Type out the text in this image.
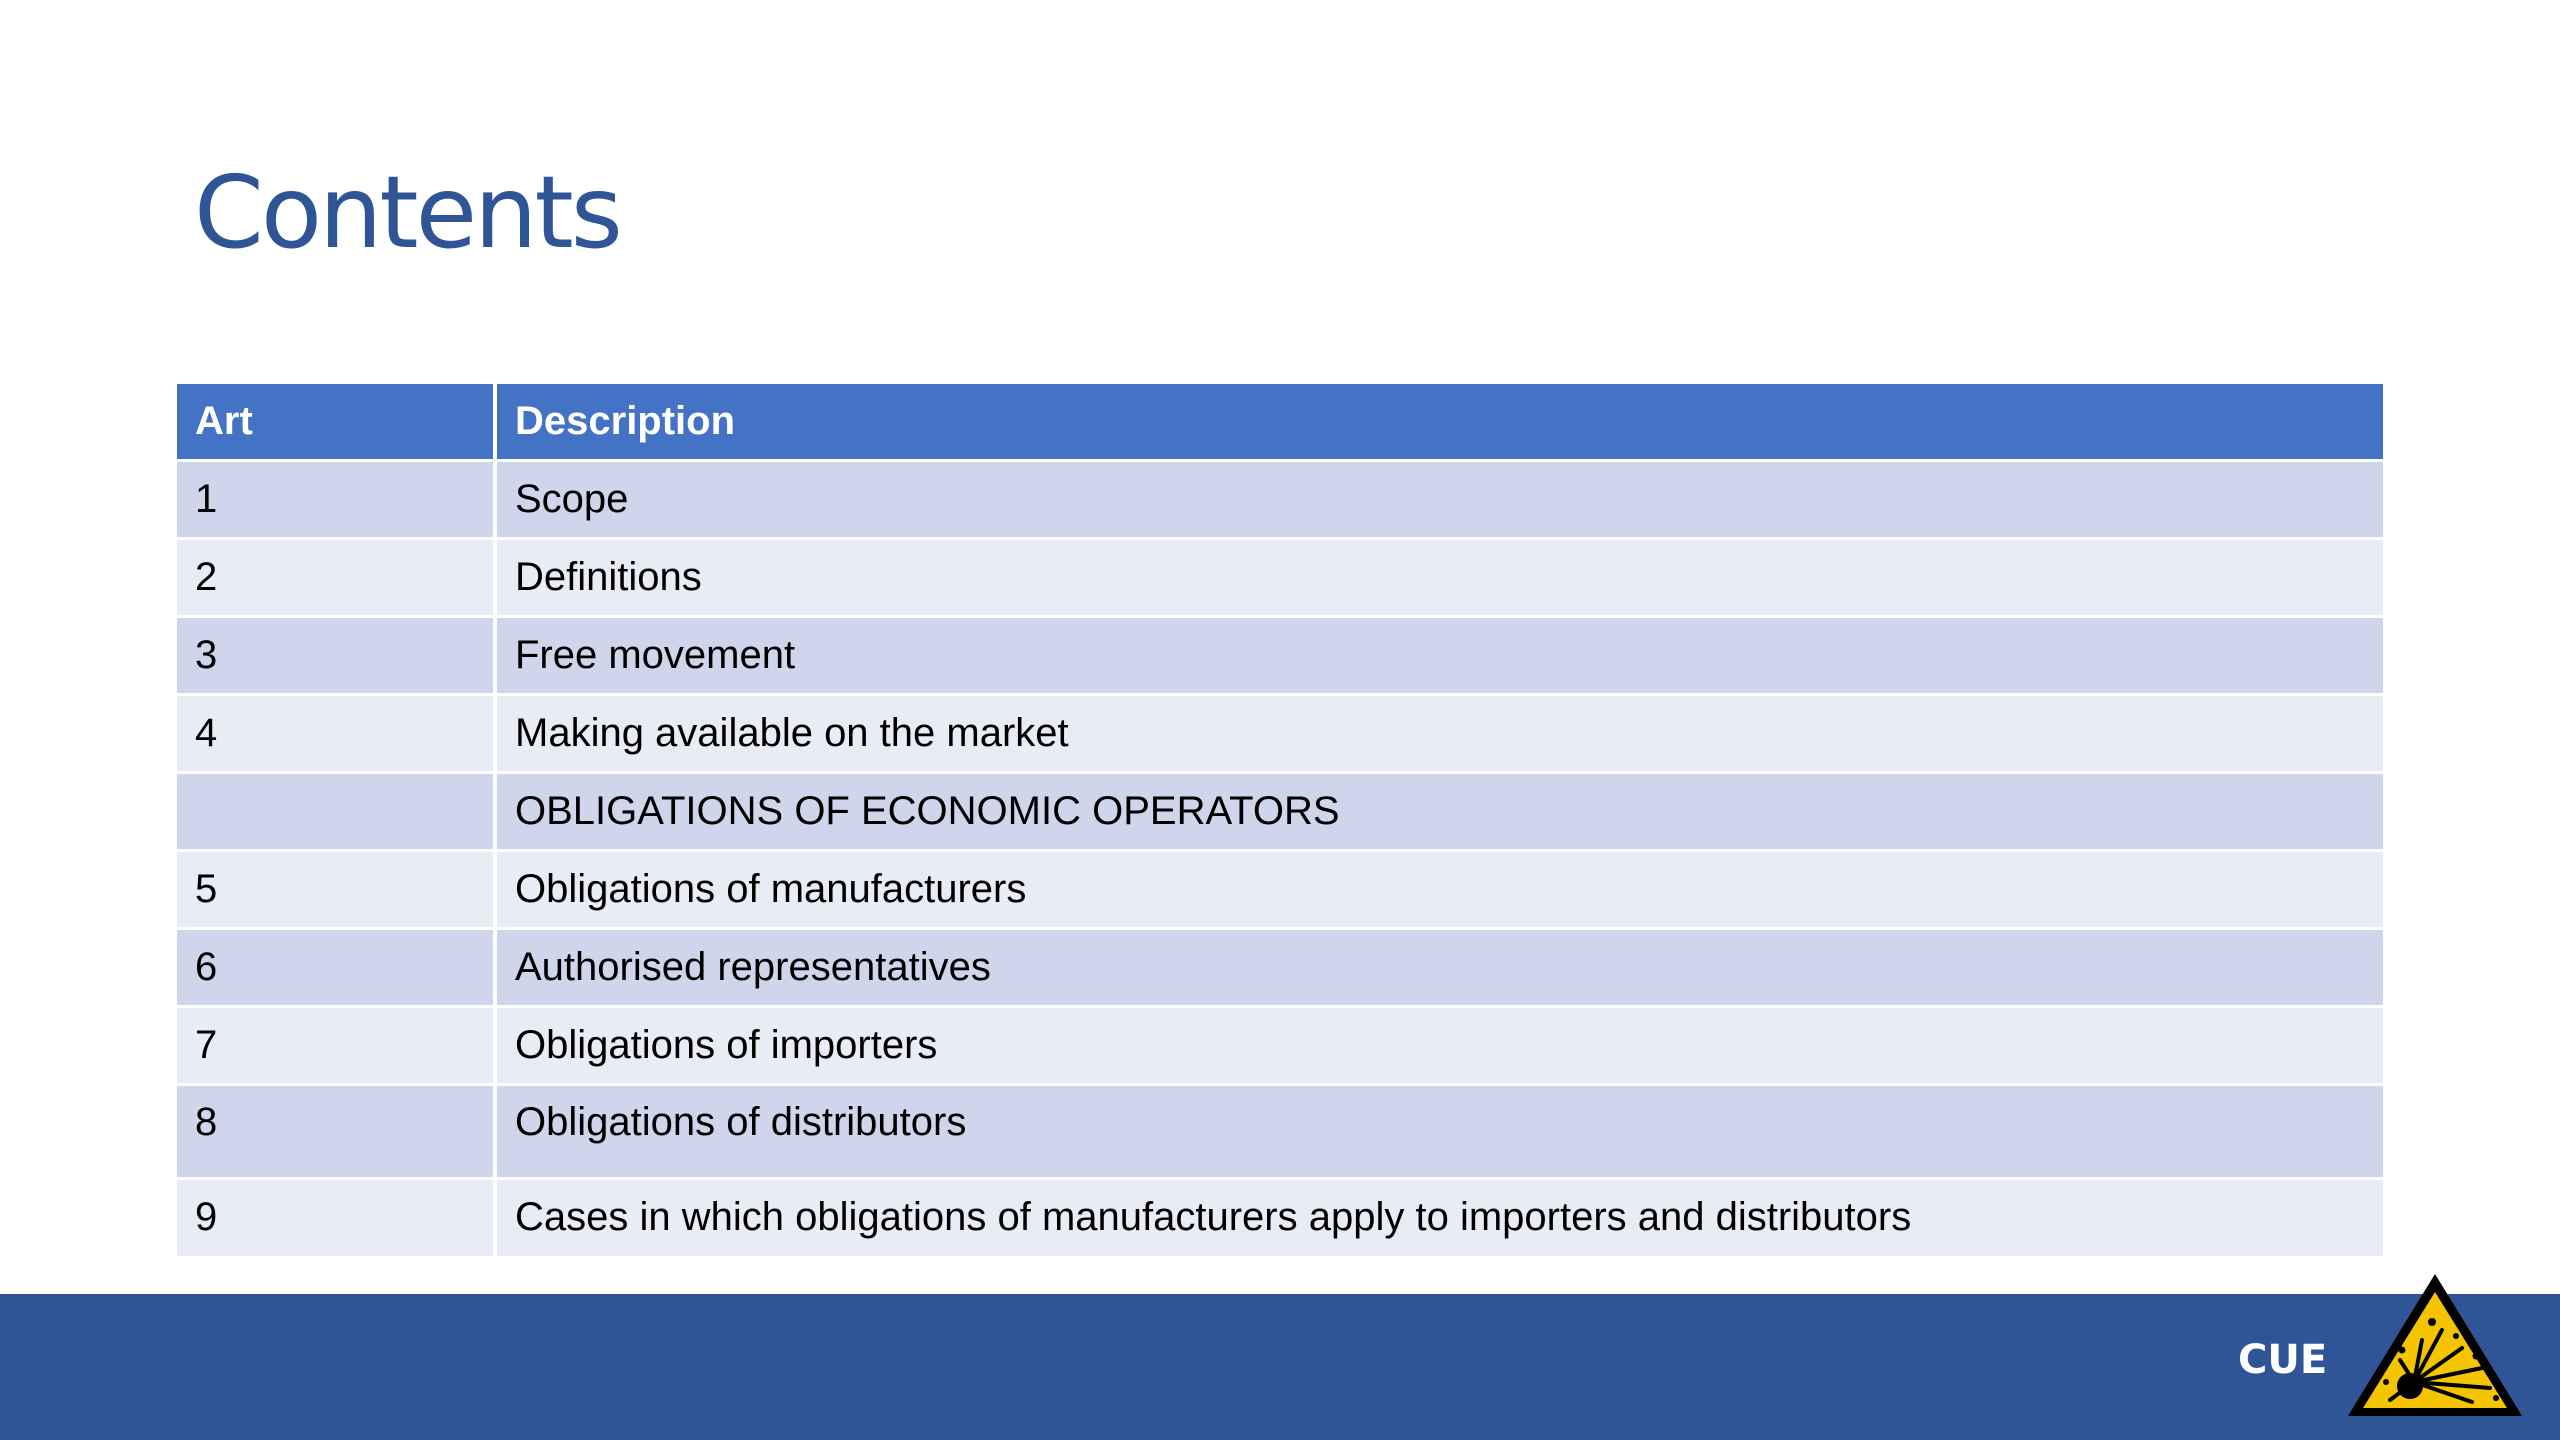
Contents
Art	Description
1	Scope
2	Definitions
3	Free movement
4	Making available on the market
	OBLIGATIONS OF ECONOMIC OPERATORS
5	Obligations of manufacturers
6	Authorised representatives
7	Obligations of importers
8	Obligations of distributors
9	Cases in which obligations of manufacturers apply to importers and distributors
CUE
